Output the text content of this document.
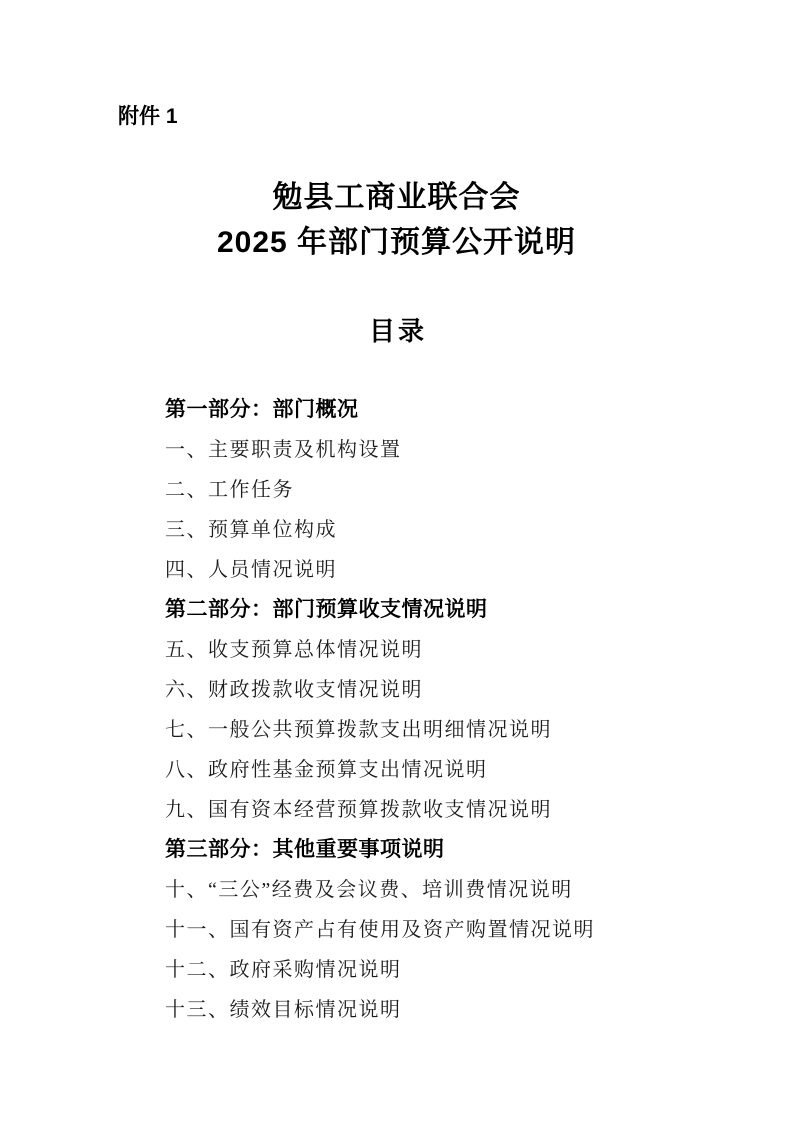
附件 1
勉县工商业联合会
2025 年部门预算公开说明
目录
第一部分：部门概况
一、主要职责及机构设置
二、工作任务
三、预算单位构成
四、人员情况说明
第二部分：部门预算收支情况说明
五、收支预算总体情况说明
六、财政拨款收支情况说明
七、一般公共预算拨款支出明细情况说明
八、政府性基金预算支出情况说明
九、国有资本经营预算拨款收支情况说明
第三部分：其他重要事项说明
十、“三公”经费及会议费、培训费情况说明
十一、国有资产占有使用及资产购置情况说明
十二、政府采购情况说明
十三、绩效目标情况说明
